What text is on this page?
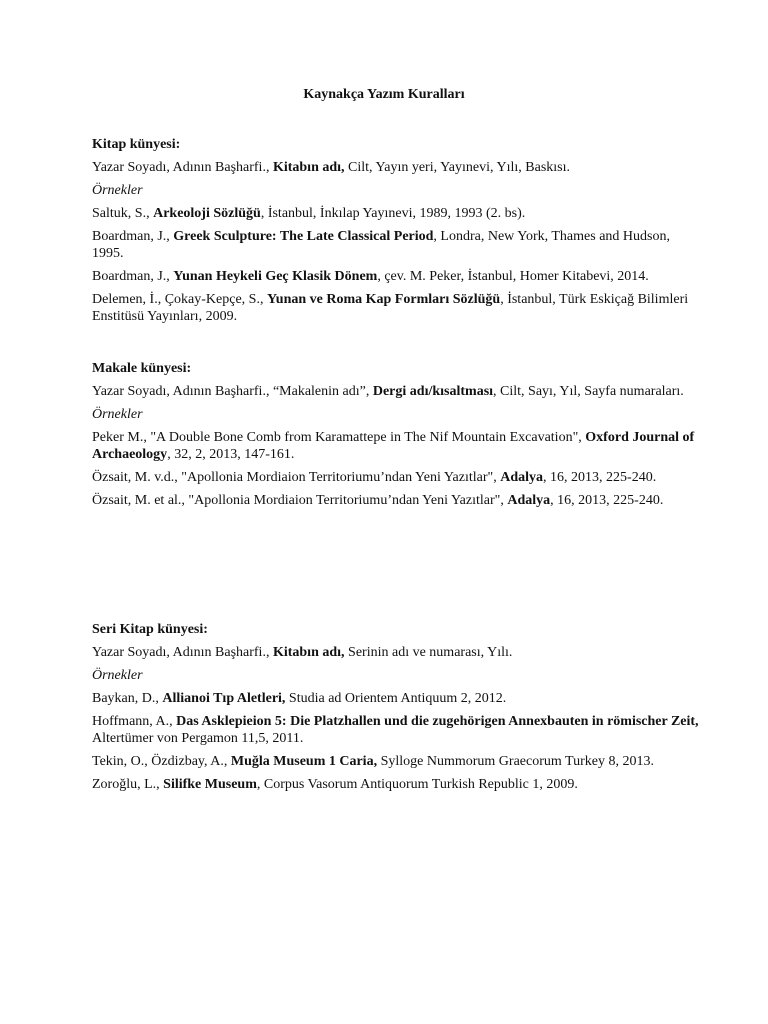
Kaynakça Yazım Kuralları
Kitap künyesi:
Yazar Soyadı, Adının Başharfi., Kitabın adı, Cilt, Yayın yeri, Yayınevi, Yılı, Baskısı.
Örnekler
Saltuk, S., Arkeoloji Sözlüğü, İstanbul, İnkılap Yayınevi, 1989, 1993 (2. bs).
Boardman, J., Greek Sculpture: The Late Classical Period, Londra, New York, Thames and Hudson, 1995.
Boardman, J., Yunan Heykeli Geç Klasik Dönem, çev. M. Peker, İstanbul, Homer Kitabevi, 2014.
Delemen, İ., Çokay-Kepçe, S., Yunan ve Roma Kap Formları Sözlüğü, İstanbul, Türk Eskiçağ Bilimleri Enstitüsü Yayınları, 2009.
Makale künyesi:
Yazar Soyadı, Adının Başharfi., “Makalenin adı”, Dergi adı/kısaltması, Cilt, Sayı, Yıl, Sayfa numaraları.
Örnekler
Peker M., "A Double Bone Comb from Karamattepe in The Nif Mountain Excavation", Oxford Journal of Archaeology, 32, 2, 2013, 147-161.
Özsait, M. v.d., "Apollonia Mordiaion Territoriumu’ndan Yeni Yazıtlar", Adalya, 16, 2013, 225-240.
Özsait, M. et al., "Apollonia Mordiaion Territoriumu’ndan Yeni Yazıtlar", Adalya, 16, 2013, 225-240.
Seri Kitap künyesi:
Yazar Soyadı, Adının Başharfi., Kitabın adı, Serinin adı ve numarası, Yılı.
Örnekler
Baykan, D., Allianoi Tıp Aletleri, Studia ad Orientem Antiquum 2, 2012.
Hoffmann, A., Das Asklepieion 5: Die Platzhallen und die zugehörigen Annexbauten in römischer Zeit, Altertümer von Pergamon 11,5, 2011.
Tekin, O., Özdizbay, A., Muğla Museum 1 Caria, Sylloge Nummorum Graecorum Turkey 8, 2013.
Zoroğlu, L., Silifke Museum, Corpus Vasorum Antiquorum Turkish Republic 1, 2009.
